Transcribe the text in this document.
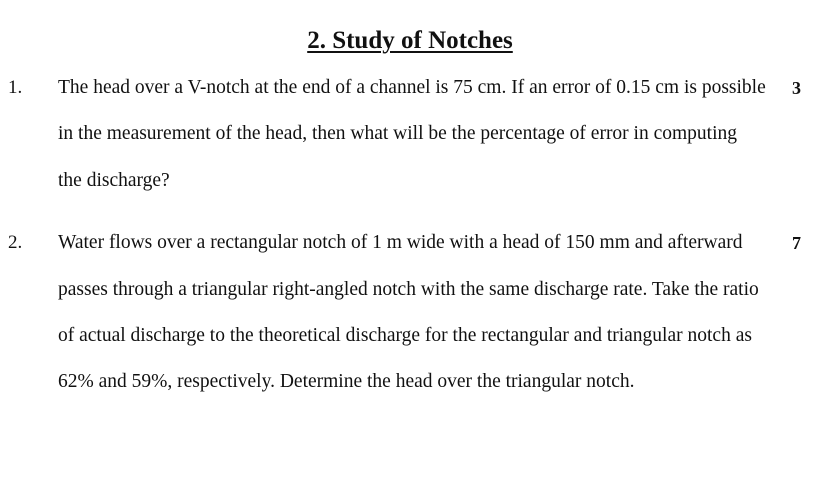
2. Study of Notches
1. The head over a V-notch at the end of a channel is 75 cm. If an error of 0.15 cm is possible
in the measurement of the head, then what will be the percentage of error in computing
the discharge?
3
2. Water flows over a rectangular notch of 1 m wide with a head of 150 mm and afterward
passes through a triangular right-angled notch with the same discharge rate. Take the ratio
of actual discharge to the theoretical discharge for the rectangular and triangular notch as
62% and 59%, respectively. Determine the head over the triangular notch.
7
